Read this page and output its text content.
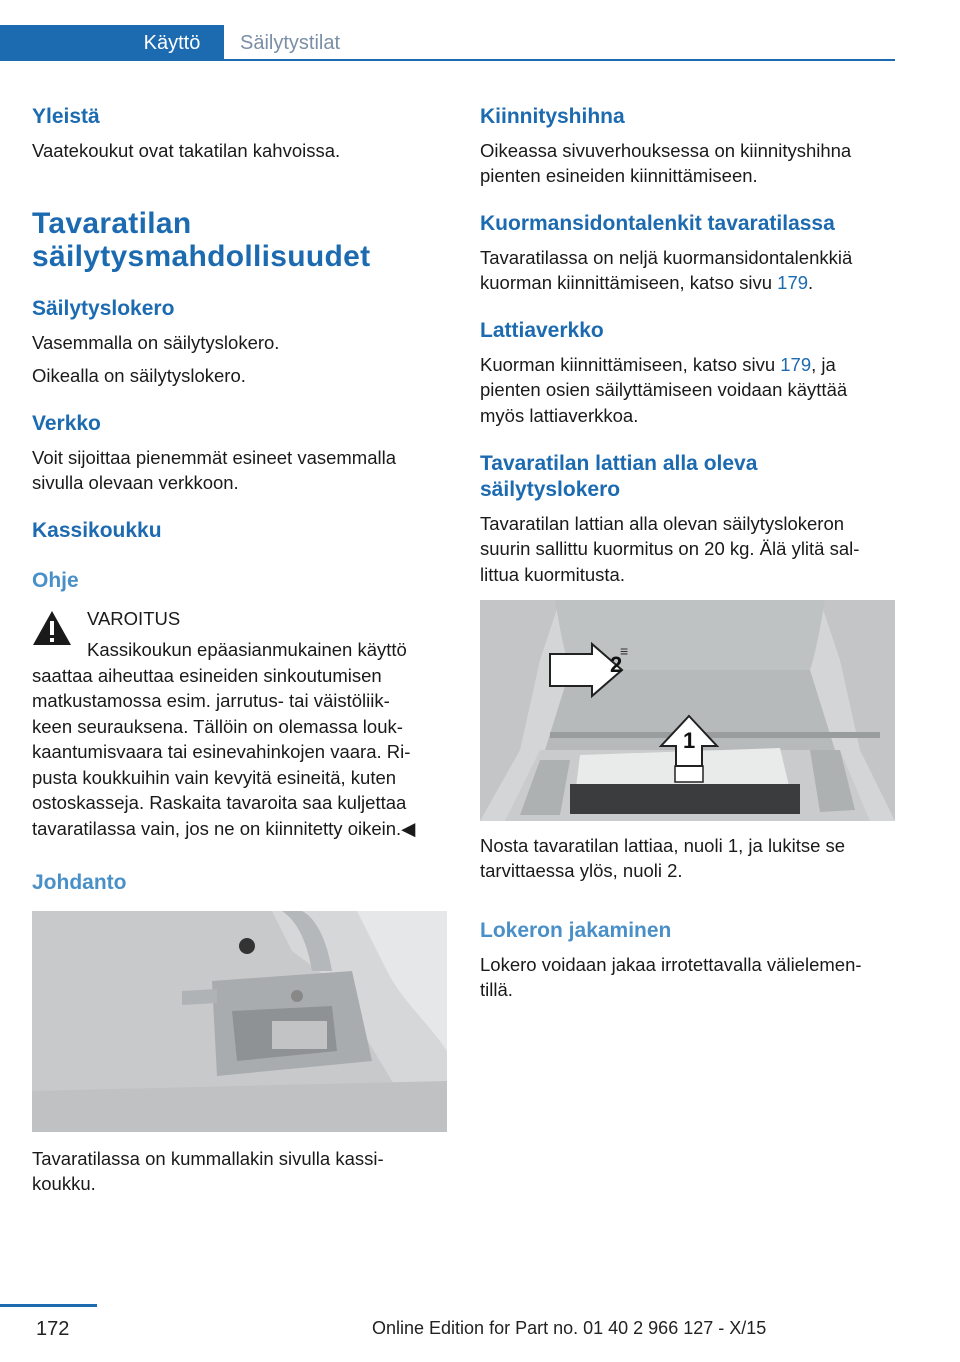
Käyttö	Säilytystilat
Yleistä
Vaatekoukut ovat takatilan kahvoissa.
Tavaratilan
säilytysmahdollisuudet
Säilytyslokero
Vasemmalla on säilytyslokero.
Oikealla on säilytyslokero.
Verkko
Voit sijoittaa pienemmät esineet vasemmalla
sivulla olevaan verkkoon.
Kassikoukku
Ohje
VAROITUS
Kassikoukun epäasianmukainen käyttö
saattaa aiheuttaa esineiden sinkoutumisen
matkustamossa esim. jarrutus- tai väistöliik-
keen seurauksena. Tällöin on olemassa louk-
kaantumisvaara tai esinevahinkojen vaara. Ri-
pusta koukkuihin vain kevyitä esineitä, kuten
ostoskasseja. Raskaita tavaroita saa kuljettaa
tavaratilassa vain, jos ne on kiinnitetty oikein.◀
Johdanto
Tavaratilassa on kummallakin sivulla kassi-
koukku.
Kiinnityshihna
Oikeassa sivuverhouksessa on kiinnityshihna
pienten esineiden kiinnittämiseen.
Kuormansidontalenkit tavaratilassa
Tavaratilassa on neljä kuormansidontalenkkiä
kuorman kiinnittämiseen, katso sivu 179.
Lattiaverkko
Kuorman kiinnittämiseen, katso sivu 179, ja
pienten osien säilyttämiseen voidaan käyttää
myös lattiaverkkoa.
Tavaratilan lattian alla oleva
säilytyslokero
Tavaratilan lattian alla olevan säilytyslokeron
suurin sallittu kuormitus on 20 kg. Älä ylitä sal-
littua kuormitusta.
≡
2
1
Nosta tavaratilan lattiaa, nuoli 1, ja lukitse se
tarvittaessa ylös, nuoli 2.
Lokeron jakaminen
Lokero voidaan jakaa irrotettavalla välielemen-
tillä.
172	Online Edition for Part no. 01 40 2 966 127 - X/15
